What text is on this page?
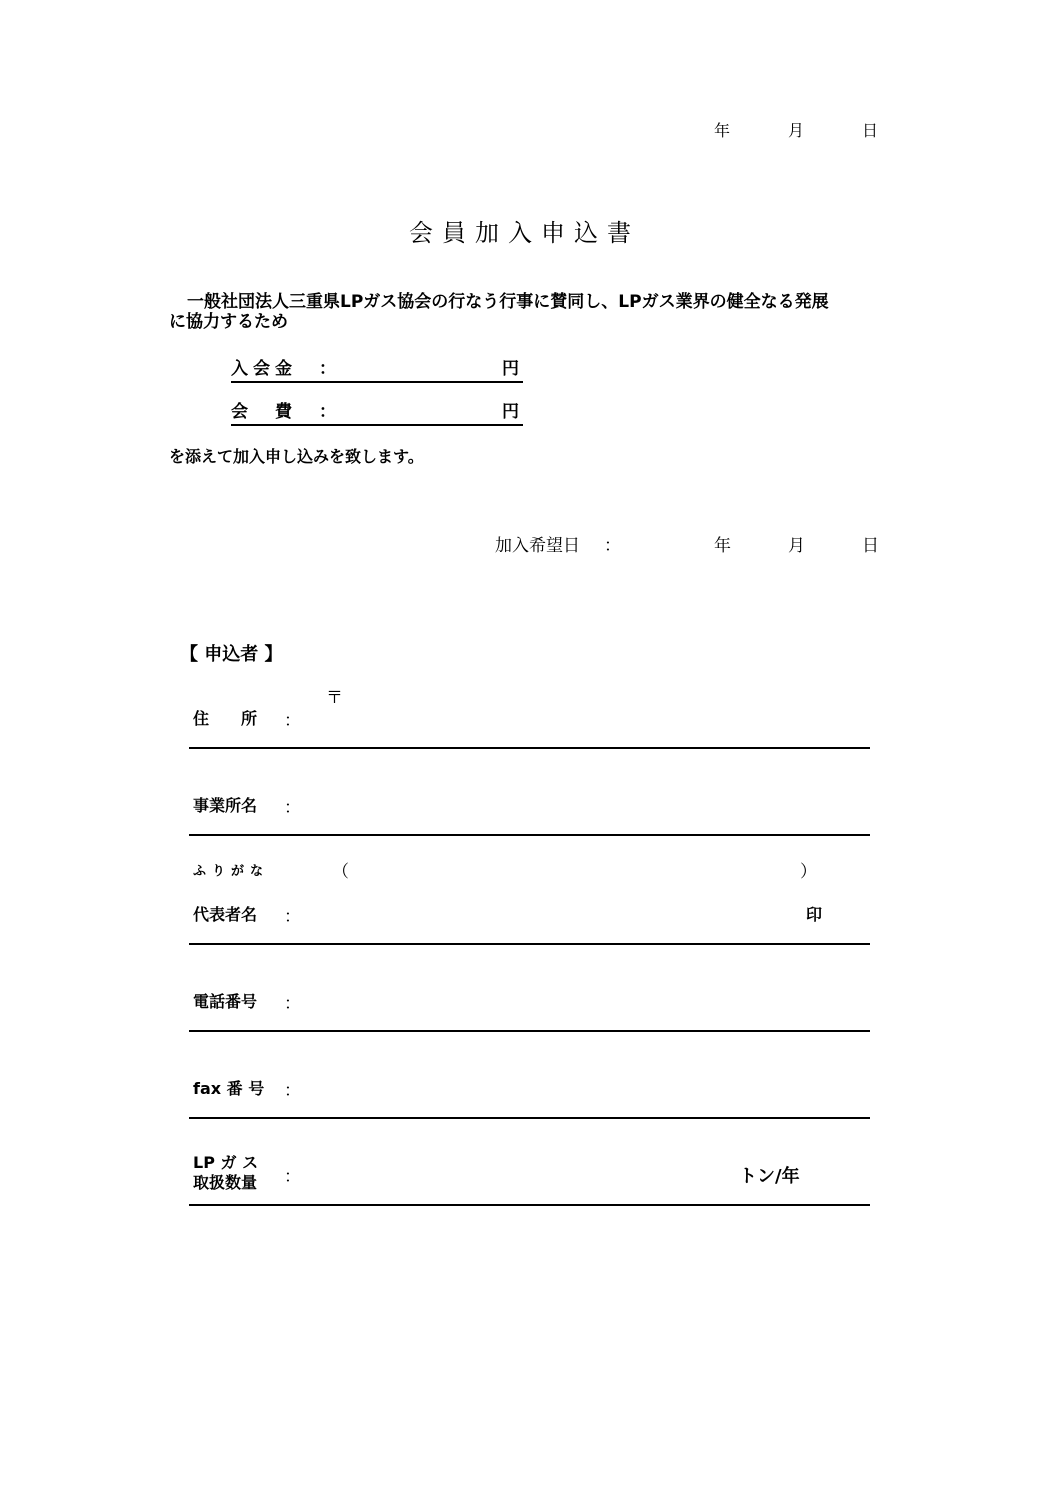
年	月	日
会員加入申込書
一般社団法人三重県LPガス協会の行なう行事に賛同し、LPガス業界の健全なる発展
に協力するため
入会金 ：	円
会　費 ：	円
を添えて加入申し込みを致します。
加入希望日 ：	年	月	日
【 申込者 】
〒
住　　所 ：
事業所名 ：
ふりがな	（	）
代表者名 ：	印
電話番号 ：
fax 番 号 ：
LP ガ ス
取扱数量 ：	トン/年
